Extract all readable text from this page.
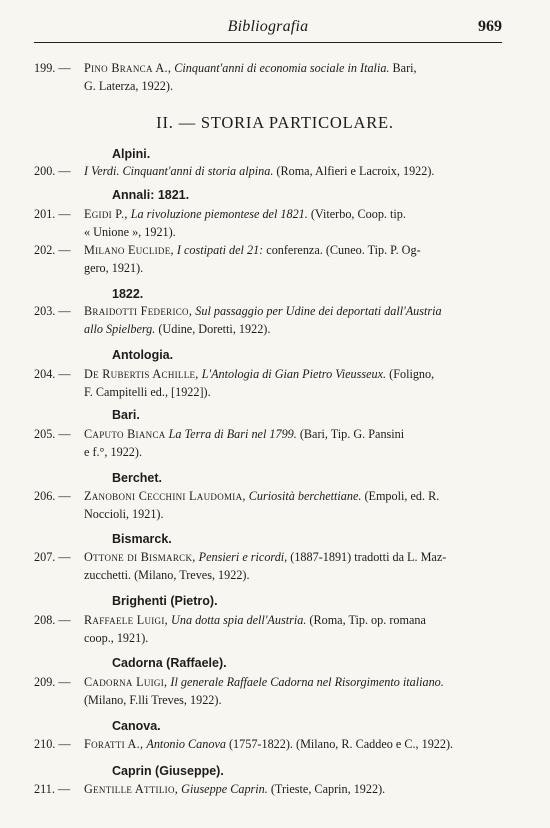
Bibliografia	969
199. —	Pino Branca A., Cinquant'anni di economia sociale in Italia. Bari,
G. Laterza, 1922).
II. — STORIA PARTICOLARE.
Alpini.
200. —	I Verdi. Cinquant'anni di storia alpina. (Roma, Alfieri e Lacroix, 1922).
Annali: 1821.
201. —	Egidi P., La rivoluzione piemontese del 1821. (Viterbo, Coop. tip.
« Unione », 1921).
202. —	Milano Euclide, I costipati del 21: conferenza. (Cuneo. Tip. P. Og-
gero, 1921).
1822.
203. —	Braidotti Federico, Sul passaggio per Udine dei deportati dall'Austria
allo Spielberg. (Udine, Doretti, 1922).
Antologia.
204. —	De Rubertis Achille, L'Antologia di Gian Pietro Vieusseux. (Foligno,
F. Campitelli ed., [1922]).
Bari.
205. —	Caputo Bianca La Terra di Bari nel 1799. (Bari, Tip. G. Pansini
e f.°, 1922).
Berchet.
206. —	Zanoboni Cecchini Laudomia, Curiosità berchettiane. (Empoli, ed. R.
Noccioli, 1921).
Bismarck.
207. —	Ottone di Bismarck, Pensieri e ricordi, (1887-1891) tradotti da L. Maz-
zucchetti. (Milano, Treves, 1922).
Brighenti (Pietro).
208. —	Raffaele Luigi, Una dotta spia dell'Austria. (Roma, Tip. op. romana
coop., 1921).
Cadorna (Raffaele).
209. —	Cadorna Luigi, Il generale Raffaele Cadorna nel Risorgimento italiano.
(Milano, F.lli Treves, 1922).
Canova.
210. —	Foratti A., Antonio Canova (1757-1822). (Milano, R. Caddeo e C., 1922).
Caprin (Giuseppe).
211. —	Gentille Attilio, Giuseppe Caprin. (Trieste, Caprin, 1922).
